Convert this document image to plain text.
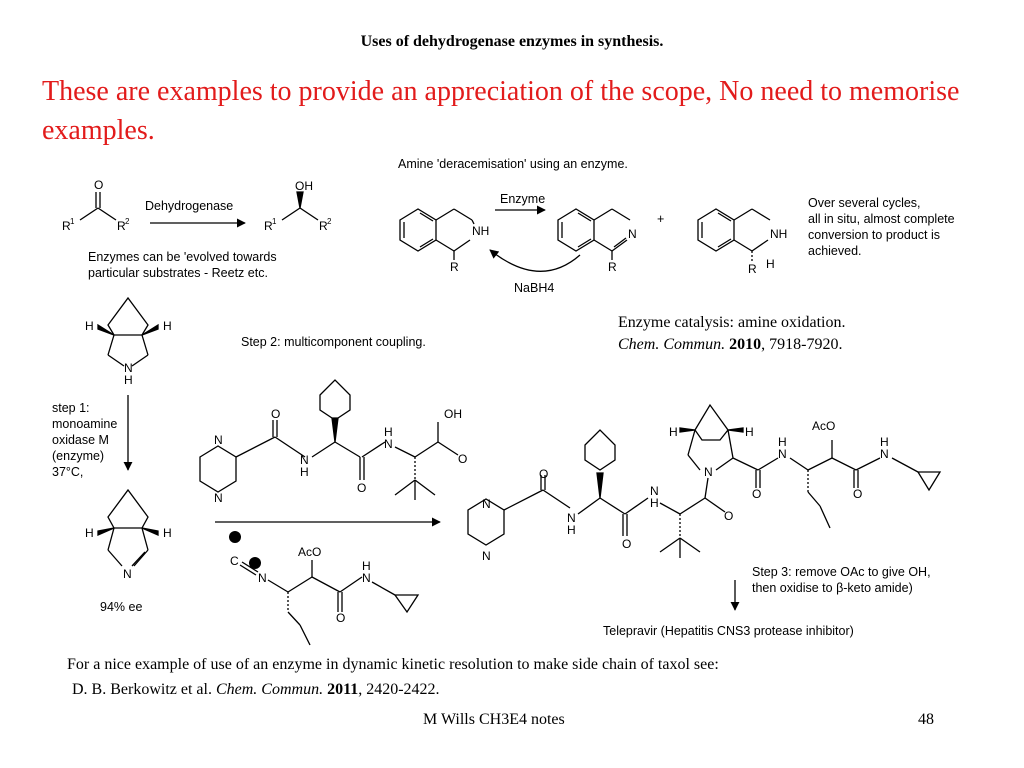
Uses of dehydrogenase enzymes in synthesis.
These are examples to provide an appreciation of the scope, No need to memorise examples.
O
R 1	R 2
OH
R 1	R 2
NH
R
N
R
NH
R H
N
H
H	H
N
H	H
N
N
O
N
H
O
H
N
OH
O
C
N
AcO
O
H
N
N
N
O
N
H
O
N
H
O
N
H	H
O
H
N
AcO
O
H
N
Dehydrogenase
Enzymes can be 'evolved towards
particular substrates - Reetz etc.
Amine 'deracemisation' using an enzyme.
Enzyme
NaBH4
+
Over several cycles,
all in situ, almost complete
conversion to product is
achieved.
Enzyme catalysis: amine oxidation.
Chem. Commun. 2010, 7918-7920.
Step 2: multicomponent coupling.
step 1:
monoamine
oxidase M
(enzyme)
37°C,
94% ee
Step 3: remove OAc to give OH,
then oxidise to β-keto amide)
Telepravir (Hepatitis CNS3 protease inhibitor)
For a nice example of use of an enzyme in dynamic kinetic resolution to make side chain of taxol see:
D. B. Berkowitz et al. Chem. Commun. 2011, 2420-2422.
M Wills CH3E4 notes	48
